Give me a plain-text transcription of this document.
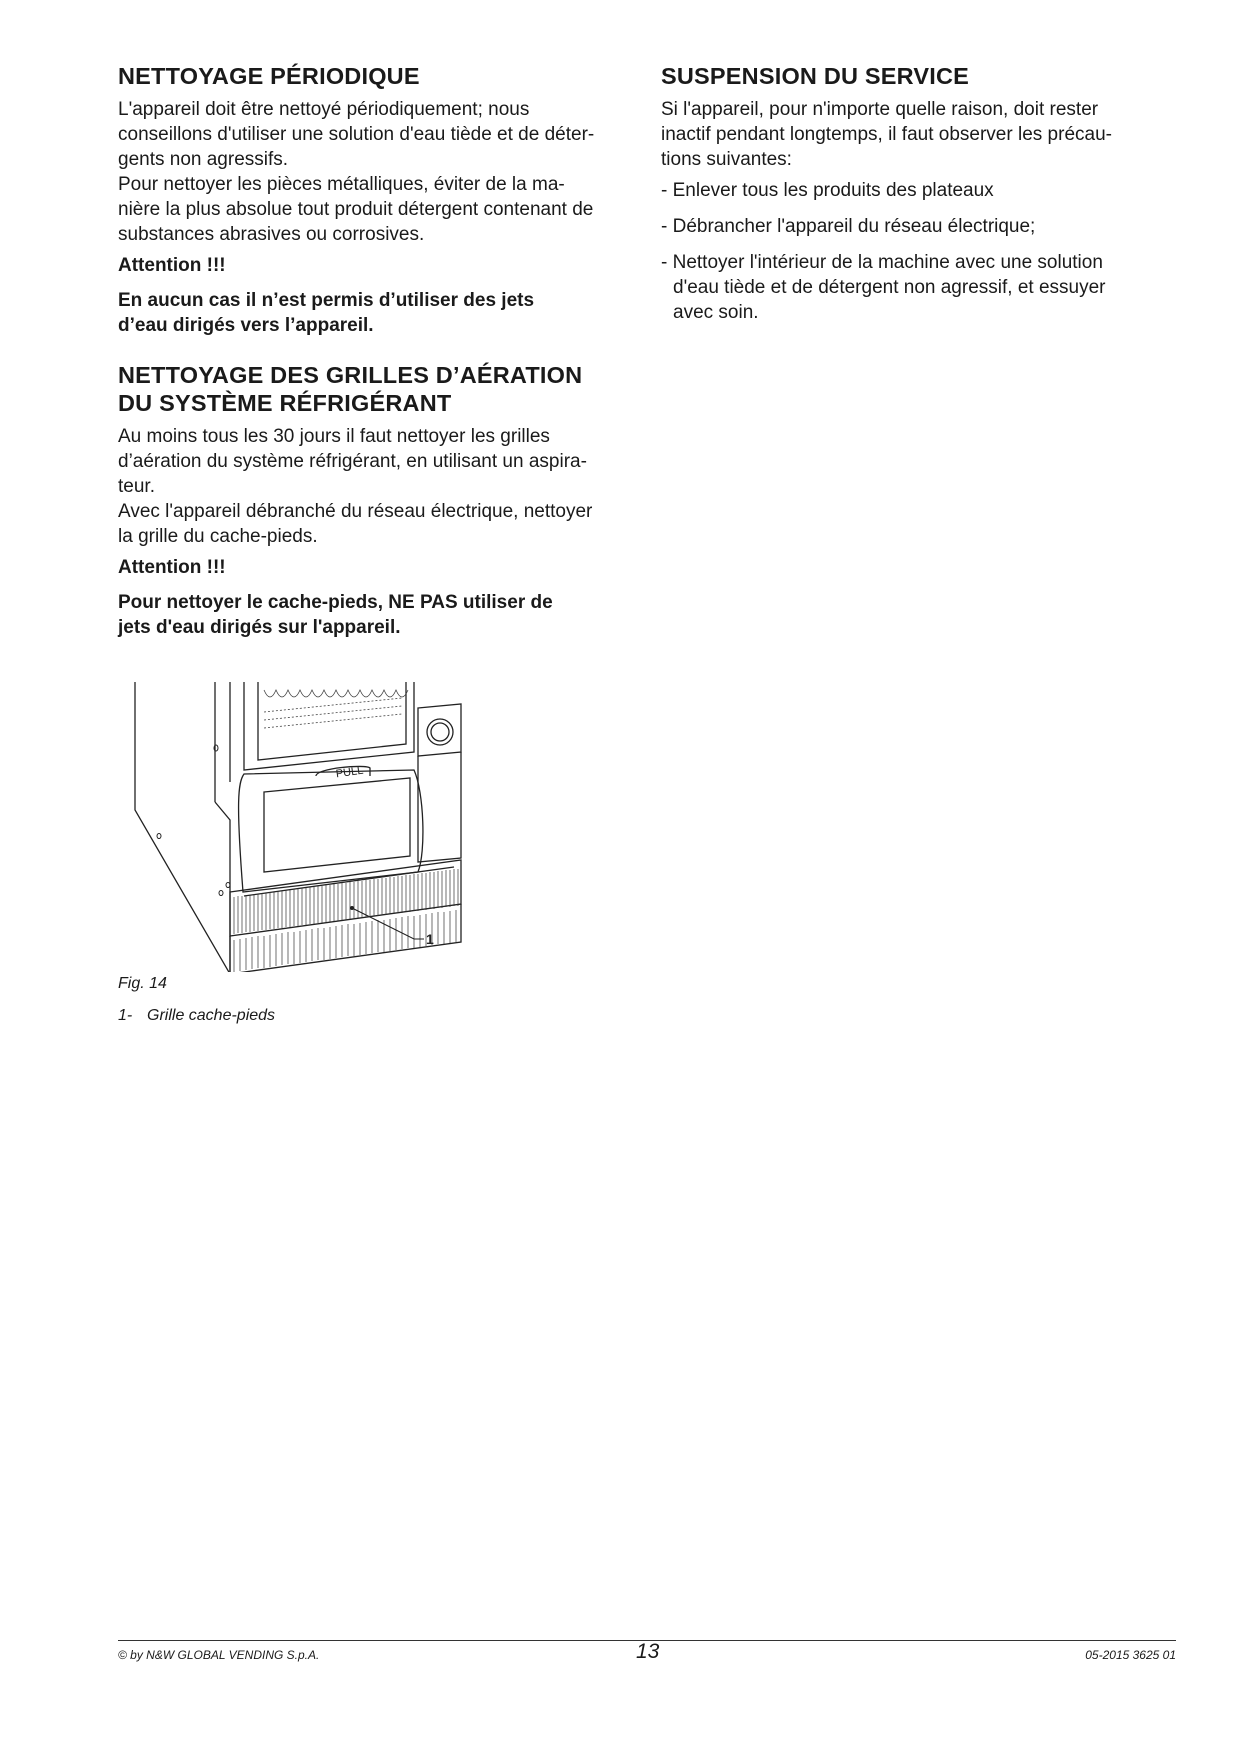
NETTOYAGE PÉRIODIQUE
L'appareil doit être nettoyé périodiquement; nous
conseillons d'utiliser une solution d'eau tiède et de déter-
gents non agressifs.
Pour nettoyer les pièces métalliques, éviter de la ma-
nière la plus absolue tout produit détergent contenant de
substances abrasives ou corrosives.
Attention !!!
En aucun cas il n’est permis d’utiliser des jets
d’eau dirigés vers l’appareil.
NETTOYAGE DES GRILLES D’AÉRATION
DU SYSTÈME RÉFRIGÉRANT
Au moins tous les 30 jours il faut nettoyer les grilles
d’aération du système réfrigérant, en utilisant un aspira-
teur.
Avec l'appareil débranché du réseau électrique, nettoyer
la grille du cache-pieds.
Attention !!!
Pour nettoyer le cache-pieds, NE PAS utiliser de
jets d'eau dirigés sur l'appareil.
PULL
1
Fig. 14
1- Grille cache-pieds
SUSPENSION DU SERVICE
Si l'appareil, pour n'importe quelle raison, doit rester
inactif pendant longtemps, il faut observer les précau-
tions suivantes:
- Enlever tous les produits des plateaux
- Débrancher l'appareil du réseau électrique;
- Nettoyer l'intérieur de la machine avec une solution
d'eau tiède et de détergent non agressif, et essuyer
avec soin.
© by N&W GLOBAL VENDING S.p.A.	13	05-2015 3625 01
